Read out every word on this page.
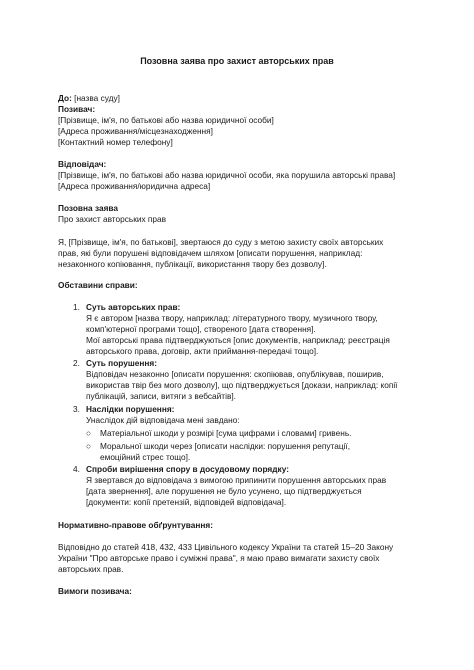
Позовна заява про захист авторських прав
До: [назва суду]

Позивач:

[Прізвище, ім'я, по батькові або назва юридичної особи]

[Адреса проживання/місцезнаходження]

[Контактний номер телефону]

Відповідач:

[Прізвище, ім'я, по батькові або назва юридичної особи, яка порушила авторські права]

[Адреса проживання/юридична адреса]

Позовна заява

Про захист авторських прав

Я, [Прізвище, ім'я, по батькові], звертаюся до суду з метою захисту своїх авторських

прав, які були порушені відповідачем шляхом [описати порушення, наприклад:

незаконного копіювання, публікації, використання твору без дозволу].

Обставини справи:
1. Суть авторських прав:

Я є автором [назва твору, наприклад: літературного твору, музичного твору,

комп'ютерної програми тощо], створеного [дата створення].

Мої авторські права підтверджуються [опис документів, наприклад: реєстрація

авторського права, договір, акти приймання-передачі тощо].

2. Суть порушення:

Відповідач незаконно [описати порушення: скопіював, опублікував, поширив,

використав твір без мого дозволу], що підтверджується [докази, наприклад: копії

публікацій, записи, витяги з вебсайтів].

3. Наслідки порушення:

Унаслідок дій відповідача мені завдано:

○ Матеріальної шкоди у розмірі [сума цифрами і словами] гривень.

○ Моральної шкоди через [описати наслідки: порушення репутації,

емоційний стрес тощо].

4. Спроби вирішення спору в досудовому порядку:

Я звертався до відповідача з вимогою припинити порушення авторських прав

[дата звернення], але порушення не було усунено, що підтверджується

[документи: копії претензій, відповідей відповідача].

Нормативно-правове обґрунтування:

Відповідно до статей 418, 432, 433 Цивільного кодексу України та статей 15–20 Закону

України "Про авторське право і суміжні права", я маю право вимагати захисту своїх

авторських прав.

Вимоги позивача:
